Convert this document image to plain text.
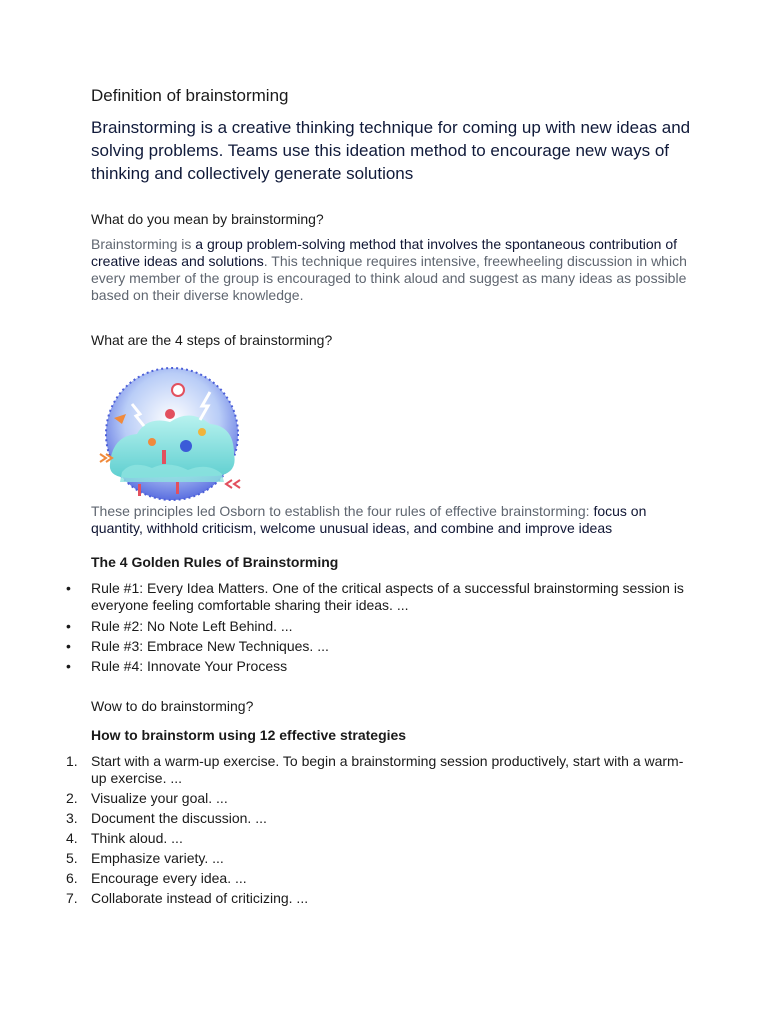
Definition of brainstorming

Brainstorming is a creative thinking technique for coming up with new ideas and solving problems. Teams use this ideation method to encourage new ways of thinking and collectively generate solutions

What do you mean by brainstorming?

Brainstorming is a group problem-solving method that involves the spontaneous contribution of creative ideas and solutions. This technique requires intensive, freewheeling discussion in which every member of the group is encouraged to think aloud and suggest as many ideas as possible based on their diverse knowledge.

What are the 4 steps of brainstorming?

These principles led Osborn to establish the four rules of effective brainstorming: focus on quantity, withhold criticism, welcome unusual ideas, and combine and improve ideas

The 4 Golden Rules of Brainstorming

• Rule #1: Every Idea Matters. One of the critical aspects of a successful brainstorming session is everyone feeling comfortable sharing their ideas. ...
• Rule #2: No Note Left Behind. ...
• Rule #3: Embrace New Techniques. ...
• Rule #4: Innovate Your Process

Wow to do brainstorming?

How to brainstorm using 12 effective strategies

1. Start with a warm-up exercise. To begin a brainstorming session productively, start with a warm-up exercise. ...
2. Visualize your goal. ...
3. Document the discussion. ...
4. Think aloud. ...
5. Emphasize variety. ...
6. Encourage every idea. ...
7. Collaborate instead of criticizing. ...
